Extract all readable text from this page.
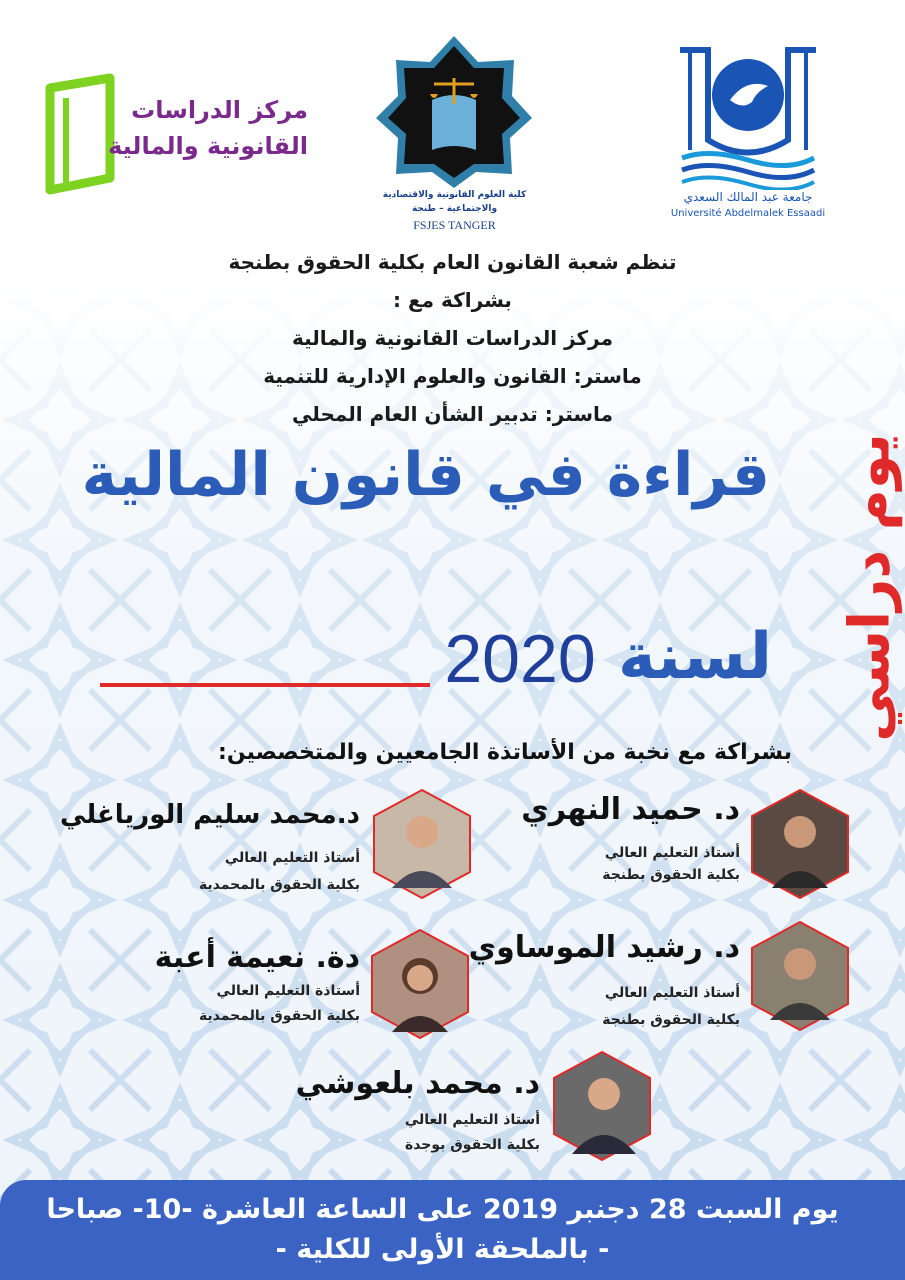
مركز الدراسات
القانونية والمالية
كلية العلوم القانونية والاقتصادية
والاجتماعية – طنجة
FSJES TANGER
جامعة عبد المالك السعدي
Université Abdelmalek Essaadi
تنظم شعبة القانون العام بكلية الحقوق بطنجة
بشراكة مع :
مركز الدراسات القانونية والمالية
ماستر: القانون والعلوم الإدارية للتنمية
ماستر: تدبير الشأن العام المحلي
يوم دراسي
قراءة في قانون المالية
لسنة
2020
بشراكة مع نخبة من الأساتذة الجامعيين والمتخصصين:
د. حميد النهري
أستاذ التعليم العالي
بكلية الحقوق بطنجة
د.محمد سليم الورياغلي
أستاذ التعليم العالي
بكلية الحقوق بالمحمدية
د. رشيد الموساوي
أستاذ التعليم العالي
بكلية الحقوق بطنجة
دة. نعيمة أعبة
أستاذة التعليم العالي
بكلية الحقوق بالمحمدية
د. محمد بلعوشي
أستاذ التعليم العالي
بكلية الحقوق بوجدة
يوم السبت 28 دجنبر 2019 على الساعة العاشرة -10- صباحا
- بالملحقة الأولى للكلية -
